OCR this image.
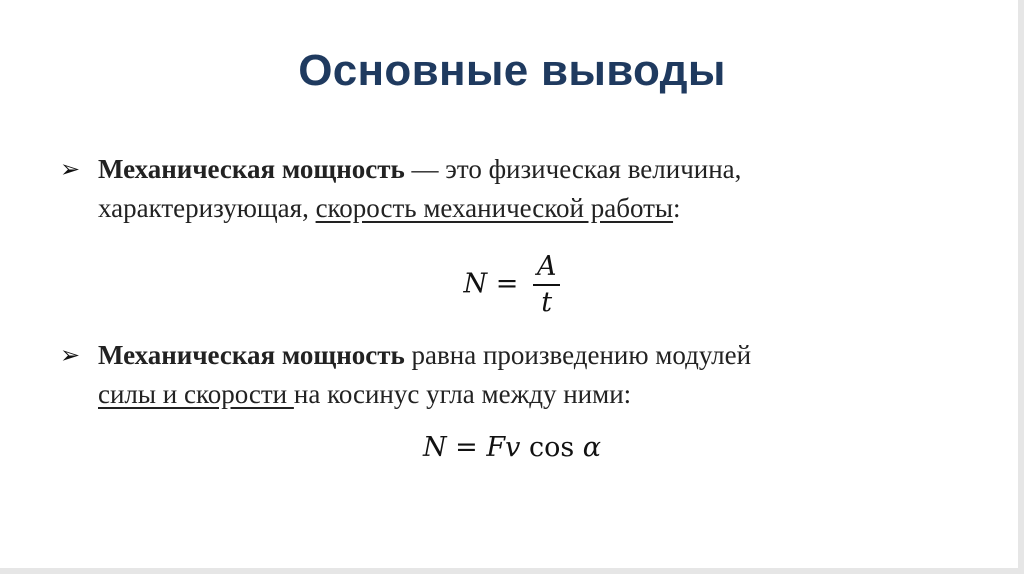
Основные выводы
➢ Механическая мощность — это физическая величина,
характеризующая, скорость механической работы:
$N = \frac{A}{t}$
➢ Механическая мощность равна произведению модулей
силы и скорости на косинус угла между ними:
N = Fv cos α
